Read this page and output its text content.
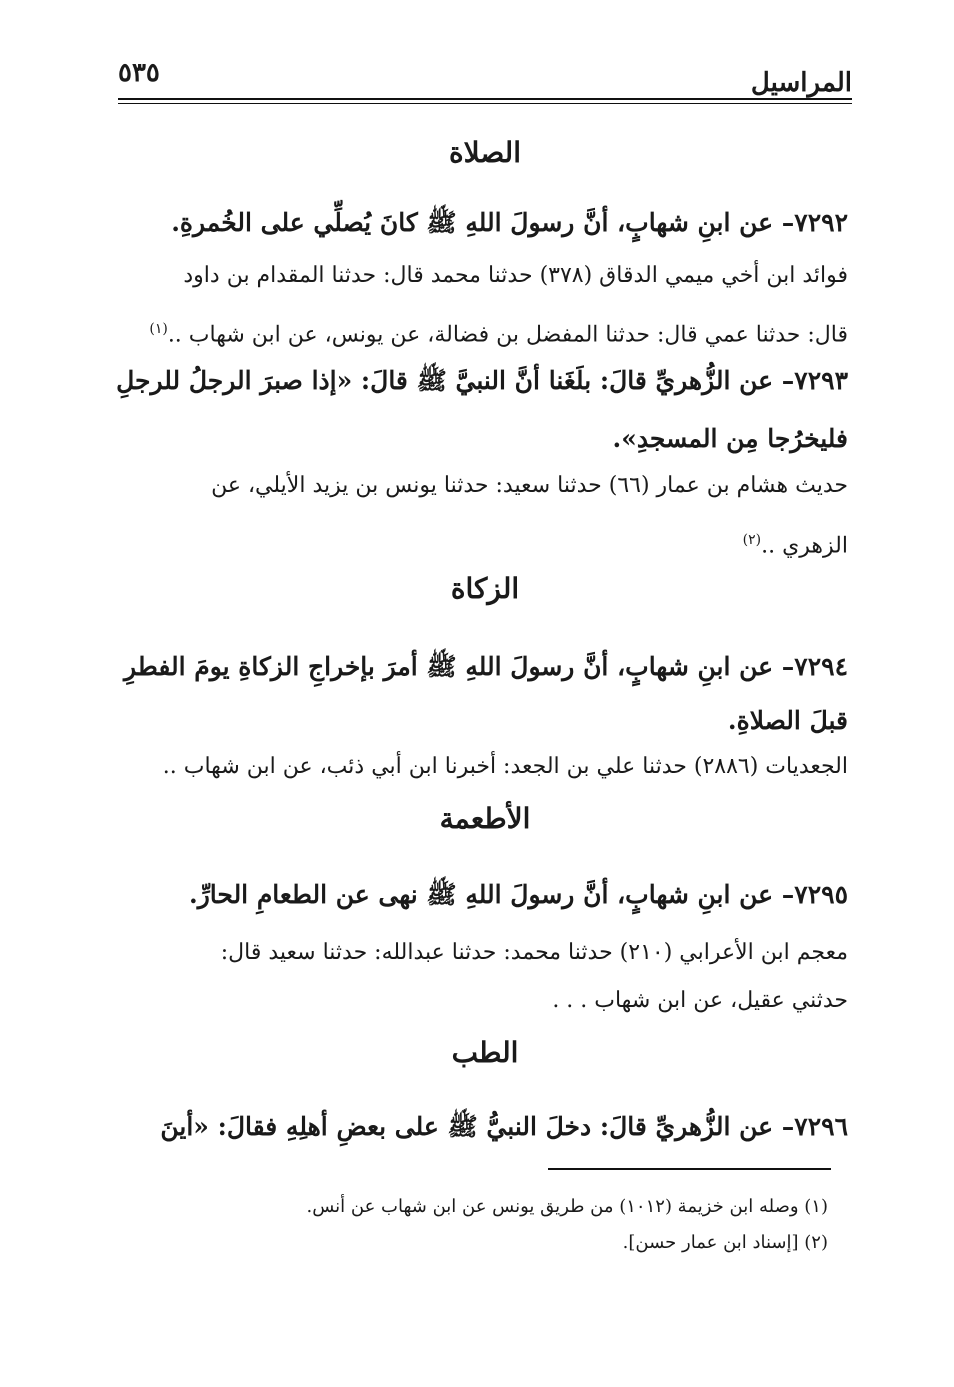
المراسيل
٥٣٥
الصلاة
٧٢٩٢– عن ابنِ شهابٍ، أنَّ رسولَ اللهِ ﷺ كانَ يُصلِّي على الخُمرةِ.
فوائد ابن أخي ميمي الدقاق (٣٧٨) حدثنا محمد قال: حدثنا المقدام بن داود
قال: حدثنا عمي قال: حدثنا المفضل بن فضالة، عن يونس، عن ابن شهاب ..$^{(١)}$
٧٢٩٣– عن الزُّهريِّ قالَ: بلَغَنا أنَّ النبيَّ ﷺ قالَ: «إذا صبرَ الرجلُ للرجلِ
فليخرُجا مِن المسجدِ».
حديث هشام بن عمار (٦٦) حدثنا سعيد: حدثنا يونس بن يزيد الأيلي، عن
الزهري ..$^{(٢)}$
الزكاة
٧٢٩٤– عن ابنِ شهابٍ، أنَّ رسولَ اللهِ ﷺ أمرَ بإخراجِ الزكاةِ يومَ الفطرِ
قبلَ الصلاةِ.
الجعديات (٢٨٨٦) حدثنا علي بن الجعد: أخبرنا ابن أبي ذئب، عن ابن شهاب ..
الأطعمة
٧٢٩٥– عن ابنِ شهابٍ، أنَّ رسولَ اللهِ ﷺ نهى عن الطعامِ الحارِّ.
معجم ابن الأعرابي (٢١٠) حدثنا محمد: حدثنا عبدالله: حدثنا سعيد قال:
حدثني عقيل، عن ابن شهاب . . .
الطب
٧٢٩٦– عن الزُّهريِّ قالَ: دخلَ النبيُّ ﷺ على بعضِ أهلِهِ فقالَ: «أينَ
(١) وصله ابن خزيمة (١٠١٢) من طريق يونس عن ابن شهاب عن أنس.
(٢) [إسناد ابن عمار حسن].
